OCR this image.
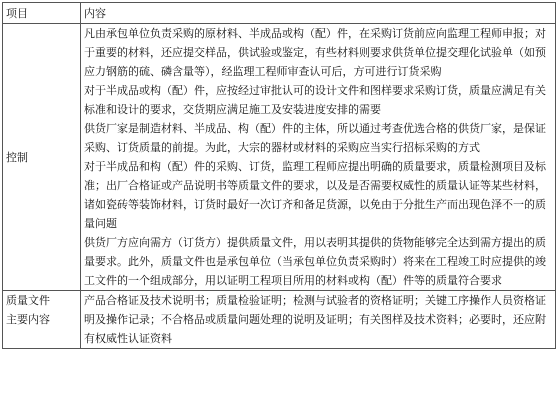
项目	内容
控制	凡由承包单位负责采购的原材料、半成品或构（配）件，在采购订货前应向监理工程师申报；对于重要的材料，还应提交样品，供试验或鉴定，有些材料则要求供货单位提交理化试验单（如预应力钢筋的硫、磷含量等），经监理工程师审查认可后，方可进行订货采购
对于半成品或构（配）件，应按经过审批认可的设计文件和图样要求采购订货，质量应满足有关标准和设计的要求，交货期应满足施工及安装进度安排的需要
供货厂家是制造材料、半成品、构（配）件的主体，所以通过考查优选合格的供货厂家，是保证采购、订货质量的前提。为此，大宗的器材或材料的采购应当实行招标采购的方式
对于半成品和构（配）件的采购、订货，监理工程师应提出明确的质量要求，质量检测项目及标准；出厂合格证或产品说明书等质量文件的要求，以及是否需要权威性的质量认证等某些材料，诸如瓷砖等装饰材料，订货时最好一次订齐和备足货源，以免由于分批生产而出现色泽不一的质量问题
供货厂方应向需方（订货方）提供质量文件，用以表明其提供的货物能够完全达到需方提出的质量要求。此外，质量文件也是承包单位（当承包单位负责采购时）将来在工程竣工时应提供的竣工文件的一个组成部分，用以证明工程项目所用的材料或构（配）件等的质量符合要求

质量文件
主要内容	产品合格证及技术说明书；质量检验证明；检测与试验者的资格证明；关键工序操作人员资格证明及操作记录；不合格品或质量问题处理的说明及证明；有关图样及技术资料；必要时，还应附有权威性认证资料
